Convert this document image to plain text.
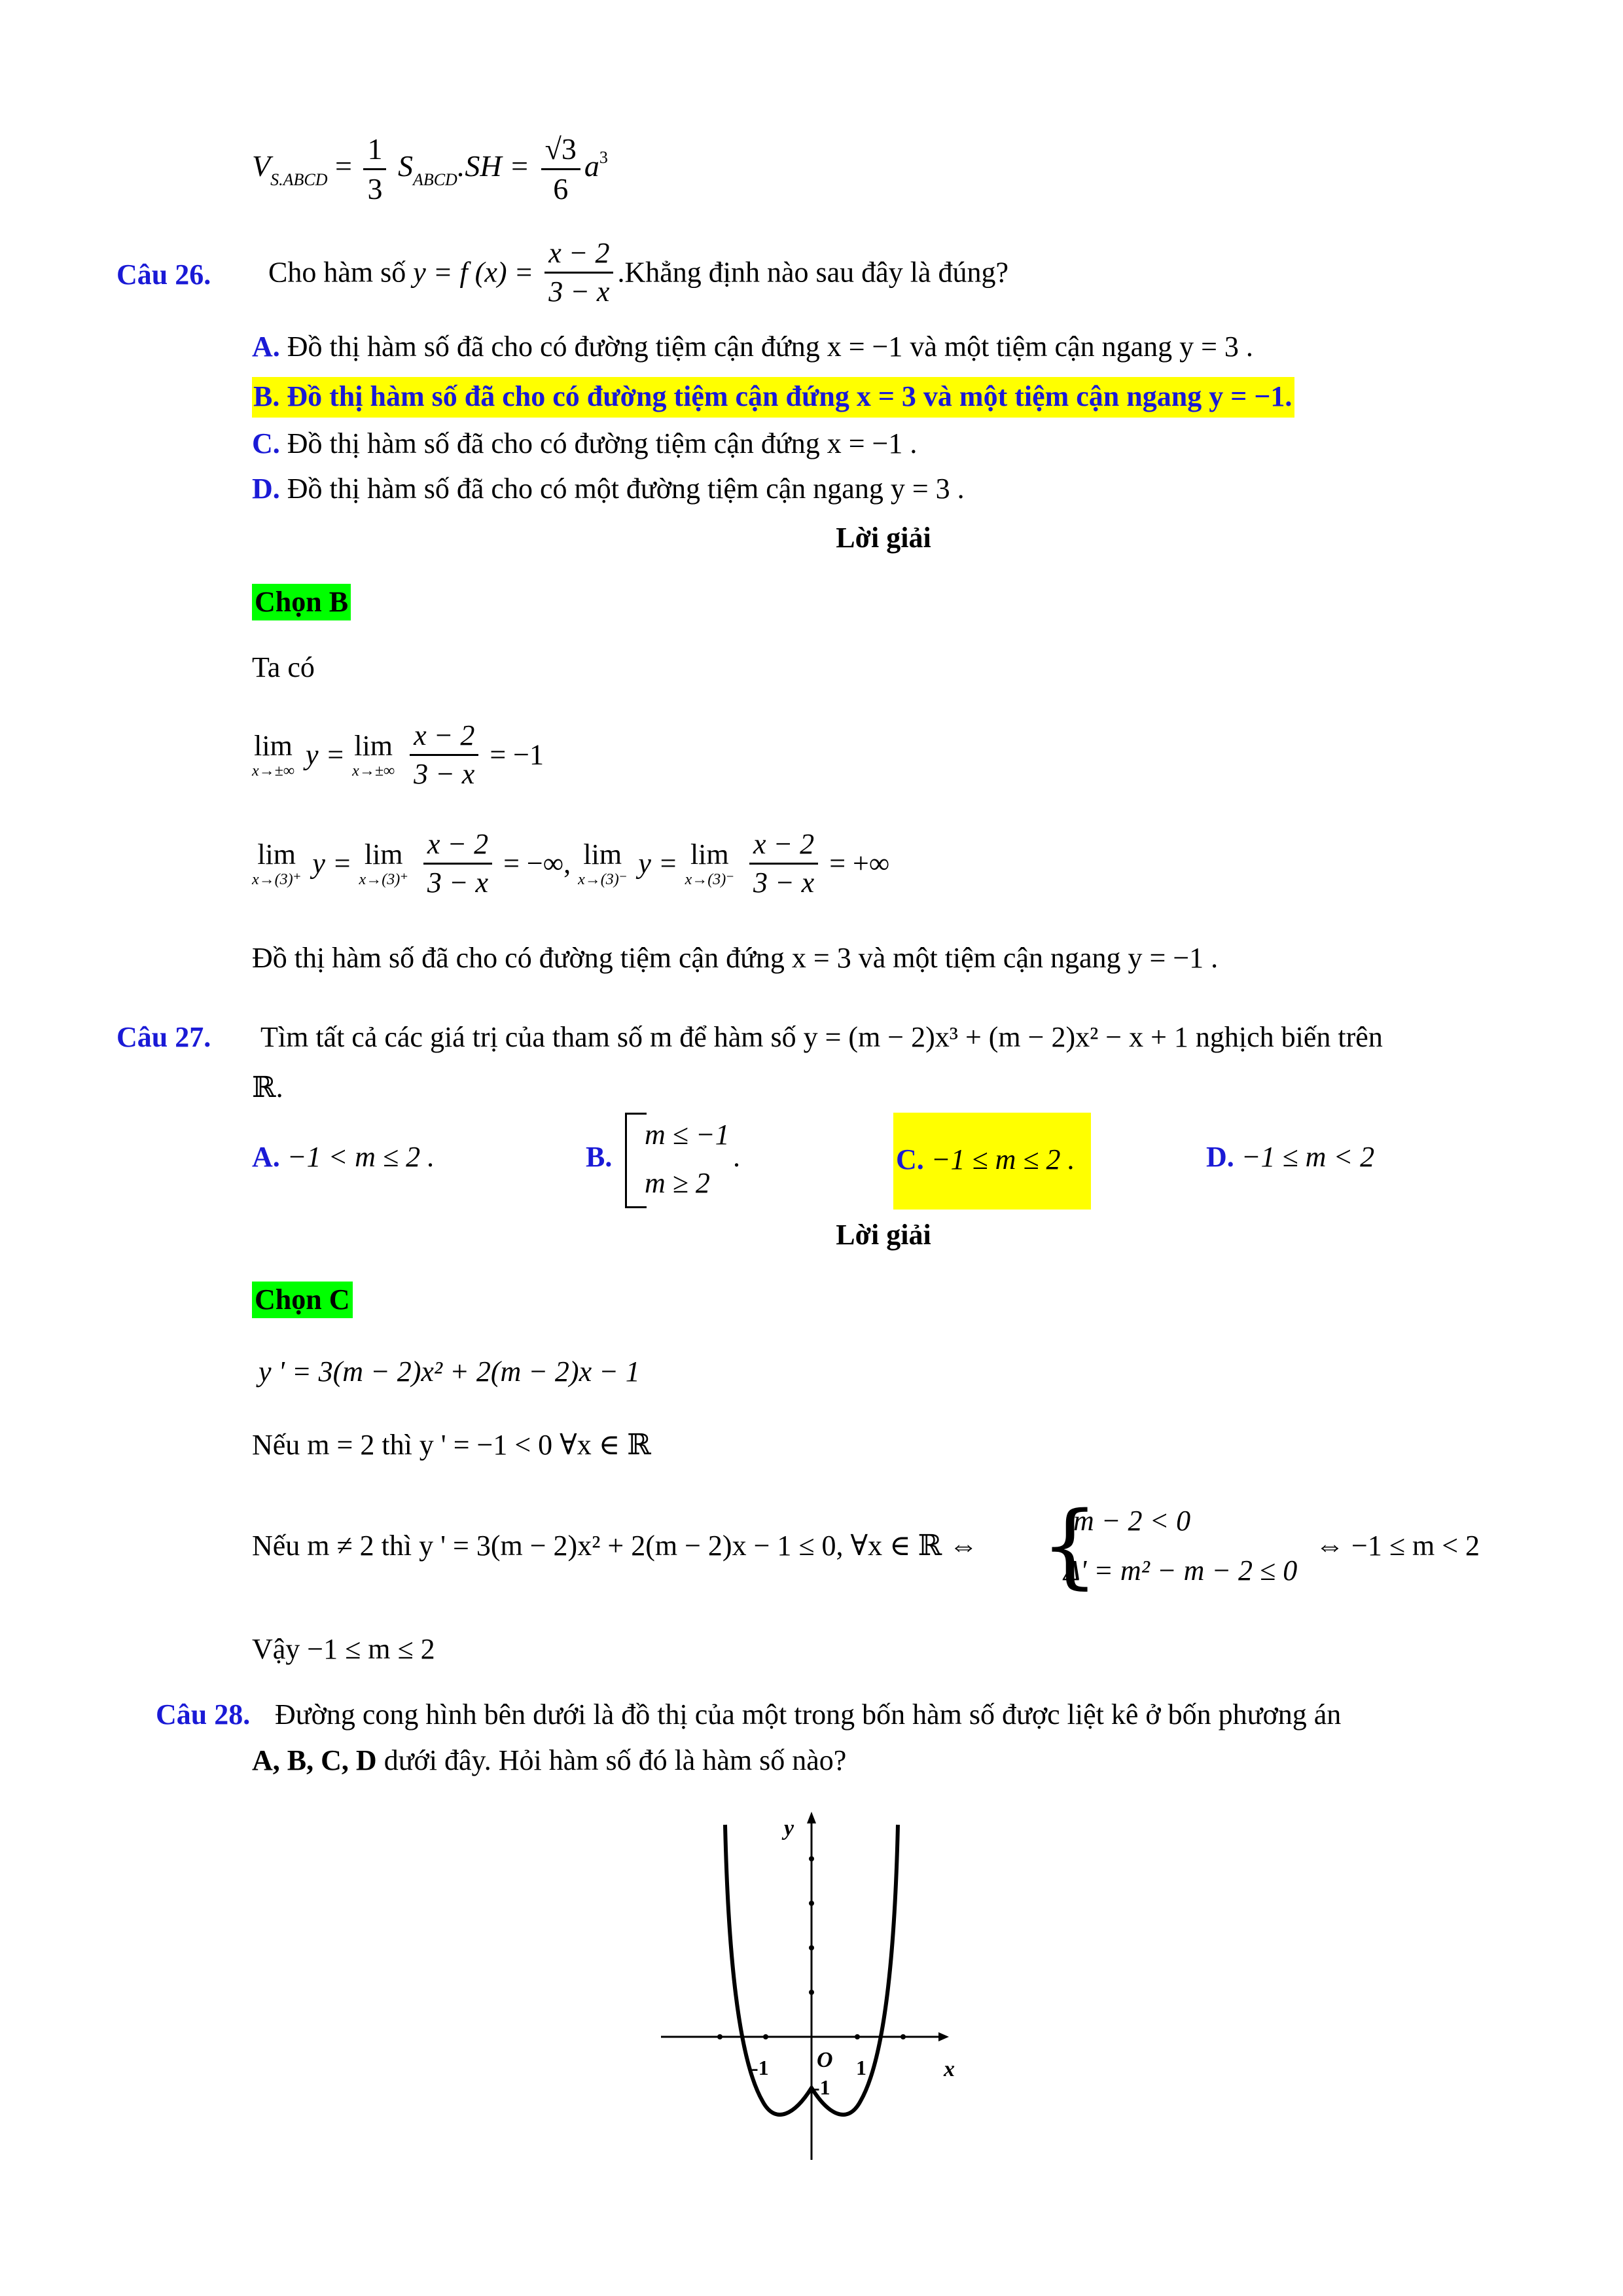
$V_{S.ABCD} = \frac{1}{3} S_{ABCD}.SH = \frac{√3}{6} a^3$
Câu 26. Cho hàm số y = f $(x) = \frac{x - 2}{3 - x}$ .Khẳng định nào sau đây là đúng?
A. Đồ thị hàm số đã cho có đường tiệm cận đứng x = −1 và một tiệm cận ngang y = 3 .
B. Đồ thị hàm số đã cho có đường tiệm cận đứng x = 3 và một tiệm cận ngang y = −1.
C. Đồ thị hàm số đã cho có đường tiệm cận đứng x = −1 .
D. Đồ thị hàm số đã cho có một đường tiệm cận ngang y = 3 .
Lời giải
Chọn B
Ta có
lim
x→±∞ y = lim
x→±∞
$\frac{x - 2}{3 - x} = -1$
lim
x→(3)⁺ y = lim
x→(3)⁺
$\frac{x - 2}{3 - x}$ = −∞, lim
x→(3)⁻ y = lim
x→(3)⁻
$\frac{x - 2}{3 - x}$ = +∞
Đồ thị hàm số đã cho có đường tiệm cận đứng x = 3 và một tiệm cận ngang y = −1 .
Câu 27. Tìm tất cả các giá trị của tham số m để hàm số y = (m − 2)x³ + (m − 2)x² − x + 1 nghịch biến trên
ℝ.
A. −1 < m ≤ 2 .	B.
m ≤ −1
m ≥ 2
.	C. −1 ≤ m ≤ 2 .	D. −1 ≤ m < 2
Lời giải
Chọn C
y ' = 3(m − 2)x² + 2(m − 2)x − 1
Nếu m = 2 thì y ' = −1 < 0 ∀x ∈ ℝ
Nếu m ≠ 2 thì y ' = 3(m − 2)x² + 2(m − 2)x − 1 ≤ 0, ∀x ∈ ℝ ⇔ {
m − 2 < 0
Δ' = m² − m − 2 ≤ 0
⇔ −1 ≤ m < 2
Vậy −1 ≤ m ≤ 2
Câu 28. Đường cong hình bên dưới là đồ thị của một trong bốn hàm số được liệt kê ở bốn phương án
A, B, C, D dưới đây. Hỏi hàm số đó là hàm số nào?
y
x
O
-1	1
-1
